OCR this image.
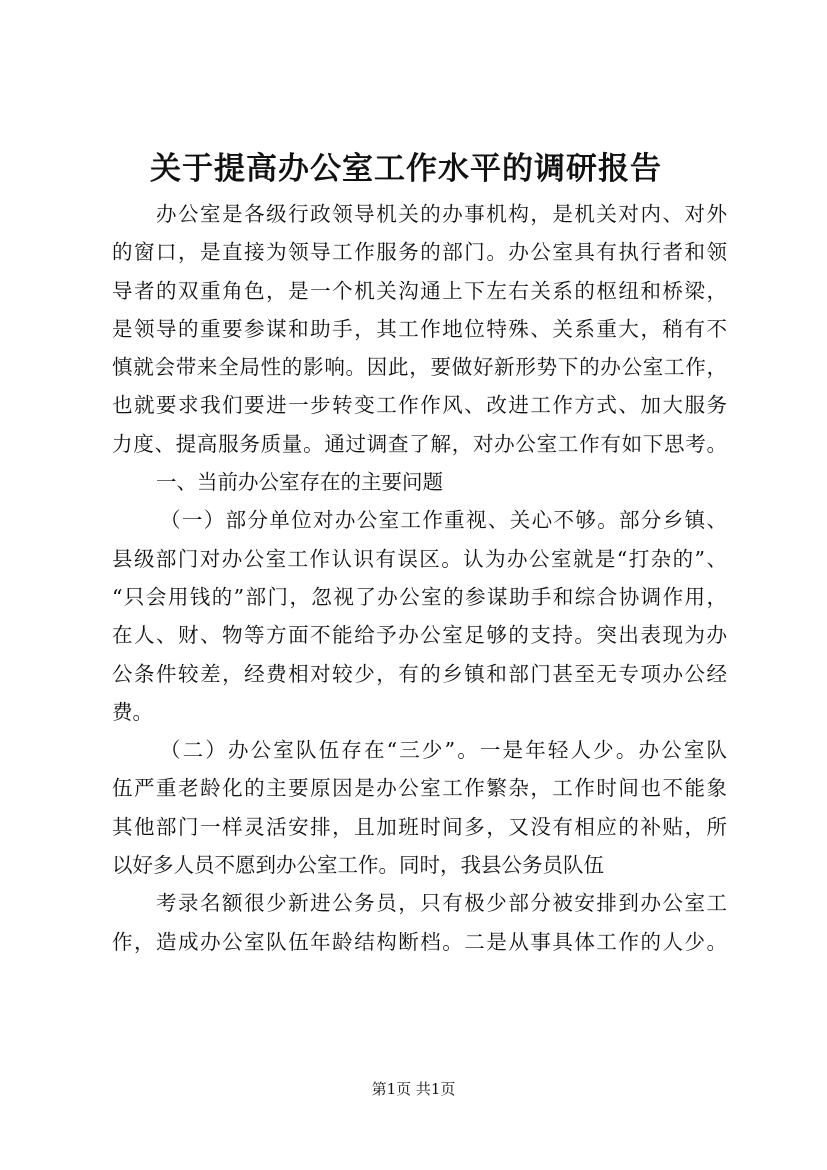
关于提高办公室工作水平的调研报告
办公室是各级行政领导机关的办事机构，是机关对内、对外
的窗口，是直接为领导工作服务的部门。办公室具有执行者和领
导者的双重角色，是一个机关沟通上下左右关系的枢纽和桥梁，
是领导的重要参谋和助手，其工作地位特殊、关系重大，稍有不
慎就会带来全局性的影响。因此，要做好新形势下的办公室工作，
也就要求我们要进一步转变工作作风、改进工作方式、加大服务
力度、提高服务质量。通过调查了解，对办公室工作有如下思考。
一、当前办公室存在的主要问题
（一）部分单位对办公室工作重视、关心不够。部分乡镇、
县级部门对办公室工作认识有误区。认为办公室就是“打杂的”、
“只会用钱的”部门，忽视了办公室的参谋助手和综合协调作用，
在人、财、物等方面不能给予办公室足够的支持。突出表现为办
公条件较差，经费相对较少，有的乡镇和部门甚至无专项办公经
费。
（二）办公室队伍存在“三少”。一是年轻人少。办公室队
伍严重老龄化的主要原因是办公室工作繁杂，工作时间也不能象
其他部门一样灵活安排，且加班时间多，又没有相应的补贴，所
以好多人员不愿到办公室工作。同时，我县公务员队伍
考录名额很少新进公务员，只有极少部分被安排到办公室工
作，造成办公室队伍年龄结构断档。二是从事具体工作的人少。
第1页 共1页
